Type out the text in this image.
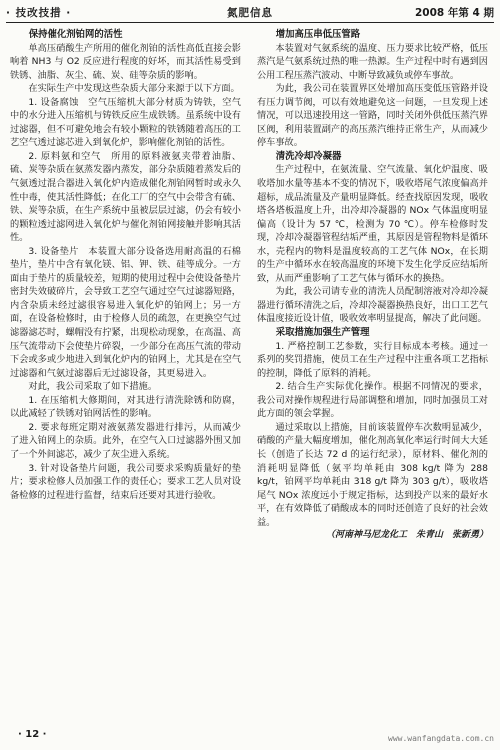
· 技改技措 ·	氮肥信息	2008 年第 4 期
保持催化剂铂网的活性

单高压硝酸生产所用的催化剂铂的活性高低直接会影响着 NH3 与 O2 反应进行程度的好坏，而其活性易受到铁锈、油脂、灰尘、硫、炭、硅等杂质的影响。

在实际生产中发现这些杂质大部分来源于以下方面。

1. 设备腐蚀　空气压缩机大部分材质为铸铁，空气中的水分进入压缩机与铸铁反应生成铁锈。虽系统中设有过滤器，但不可避免地会有较小颗粒的铁锈随着高压的工艺空气透过滤芯进入到氧化炉，影响催化剂铂的活性。

2. 原料氨和空气　所用的原料液氨夹带着油脂、硫、炭等杂质在氨蒸发器内蒸发，部分杂质随着蒸发后的气氨透过混合器进入氧化炉内造成催化剂铂网暂时或永久性中毒，使其活性降低；在化工厂的空气中会带含有硫、铁、炭等杂质，在生产系统中虽被层层过滤，仍会有较小的颗粒透过滤网进入氧化炉与催化剂铂网接触并影响其活性。

3. 设备垫片　本装置大部分设备选用耐高温的石棉垫片，垫片中含有氧化镁、铝、钾、铁、硅等成分。一方面由于垫片的质量较差，短期的使用过程中会使设备垫片密封失效破碎片，会导致工艺空气通过空气过滤器短路，内含杂质未经过滤很容易进入氧化炉的铂网上；另一方面，在设备检修时，由于检修人员的疏忽，在更换空气过滤器滤芯时，螺帽没有拧紧，出现松动现象，在高温、高压气流带动下会使垫片碎裂，一少部分在高压气流的带动下会或多或少地进入到氧化炉内的铂网上，尤其是在空气过滤器和气氨过滤器后无过滤设备，其更易进入。

对此，我公司采取了如下措施。

1. 在压缩机大修期间，对其进行清洗除锈和防腐，以此减轻了铁锈对铂网活性的影响。

2. 要求每班定期对液氨蒸发器进行排污，从而减少了进入铂网上的杂质。此外，在空气入口过滤器外围又加了一个外间滤芯，减少了灰尘进入系统。

3. 针对设备垫片问题，我公司要求采购质量好的垫片；要求检修人员加强工作的责任心；要求工艺人员对设备检修的过程进行监督，结束后还要对其进行验收。

增加高压串低压管路

本装置对气氨系统的温度、压力要求比较严格，低压蒸汽是气氨系统过热的唯一热源。生产过程中时有遇到因公用工程压蒸汽波动、中断导致减负或停车事故。

为此，我公司在装置界区处增加高压变低压管路并设有压力调节阀，可以有效地避免这一问题，一旦发现上述情况，可以迅速投用这一管路，同时关闭外供低压蒸汽界区阀，利用装置副产的高压蒸汽维持正常生产，从而减少停车事故。

清洗冷却冷凝器

生产过程中，在氨流量、空气流量、氧化炉温度、吸收塔加水量等基本不变的情况下，吸收塔尾气浓度偏高并超标，成品流量及产量明显降低。经查找原因发现，吸收塔各塔板温度上升，出冷却冷凝器的 NOx 气体温度明显偏高（设计为 57 ℃，检测为 70 ℃）。停车检修时发现，冷却冷凝器管程结垢严重，其原因是管程物料是循环水，壳程内的物料是温度较高的工艺气体 NOx，在长期的生产中循环水在较高温度的环境下发生化学反应结垢所致，从而严重影响了工艺气体与循环水的换热。

为此，我公司请专业的清洗人员配制溶液对冷却冷凝器进行循环清洗之后，冷却冷凝器换热良好，出口工艺气体温度接近设计值，吸收效率明显提高，解决了此问题。

采取措施加强生产管理

1. 严格控制工艺参数，实行目标成本考核。通过一系列的奖罚措施，使员工在生产过程中注重各项工艺指标的控制，降低了原料的消耗。

2. 结合生产实际优化操作。根据不同情况的要求，我公司对操作规程进行局部调整和增加，同时加强员工对此方面的领会掌握。

通过采取以上措施，目前该装置停车次数明显减少，硝酸的产量大幅度增加，催化剂高氧化率运行时间大大延长（创造了长达 72 d 的运行纪录），原材料、催化剂的消耗明显降低（氨平均单耗由 308 kg/t 降为 288 kg/t，铂网平均单耗由 318 g/t 降为 303 g/t），吸收塔尾气 NOx 浓度远小于规定指标，达到投产以来的最好水平，在有效降低了硝酸成本的同时还创造了良好的社会效益。

（河南神马尼龙化工　朱青山　张新勇）
· 12 ·	www.wanfangdata.com.cn
